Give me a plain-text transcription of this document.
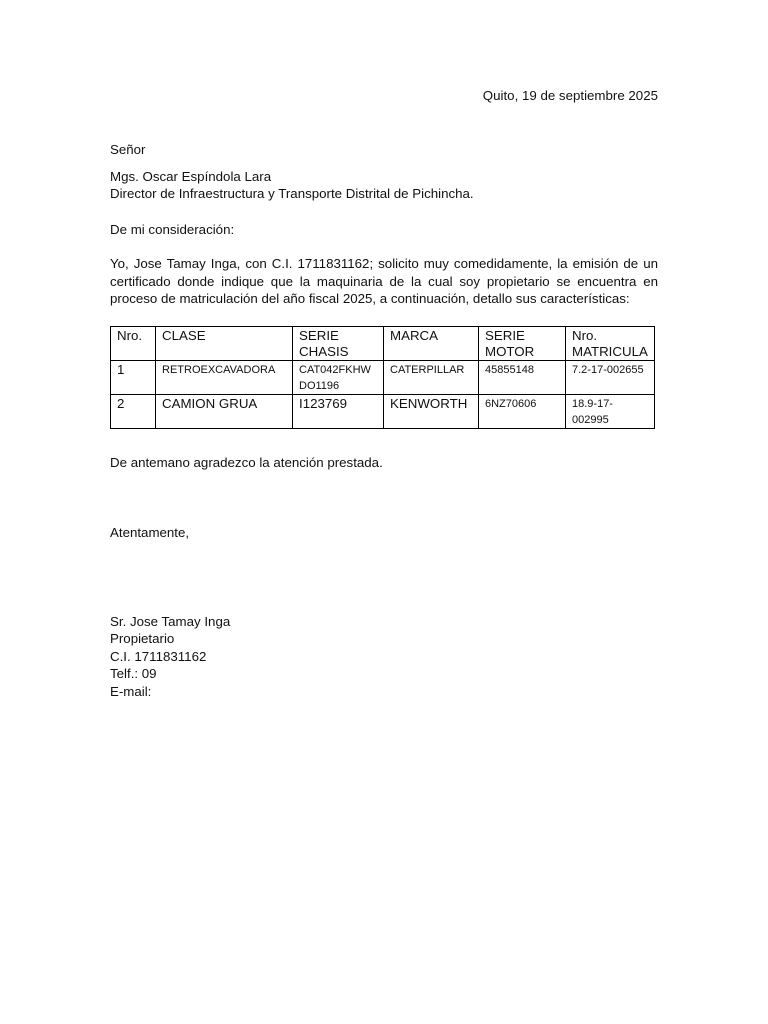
Quito, 19 de septiembre 2025
Señor
Mgs. Oscar Espíndola Lara
Director de Infraestructura y Transporte Distrital de Pichincha.
De mi consideración:
Yo, Jose Tamay Inga, con C.I. 1711831162; solicito muy comedidamente, la emisión de un certificado donde indique que la maquinaria de la cual soy propietario se encuentra en proceso de matriculación del año fiscal 2025, a continuación, detallo sus características:
Nro.	CLASE	SERIE CHASIS	MARCA	SERIE MOTOR	Nro. MATRICULA
1	RETROEXCAVADORA	CAT042FKHWDO1196	CATERPILLAR	45855148	7.2-17-002655
2	CAMION GRUA	I123769	KENWORTH	6NZ70606	18.9-17-002995
De antemano agradezco la atención prestada.
Atentamente,
Sr. Jose Tamay Inga
Propietario
C.I. 1711831162
Telf.: 09
E-mail:
